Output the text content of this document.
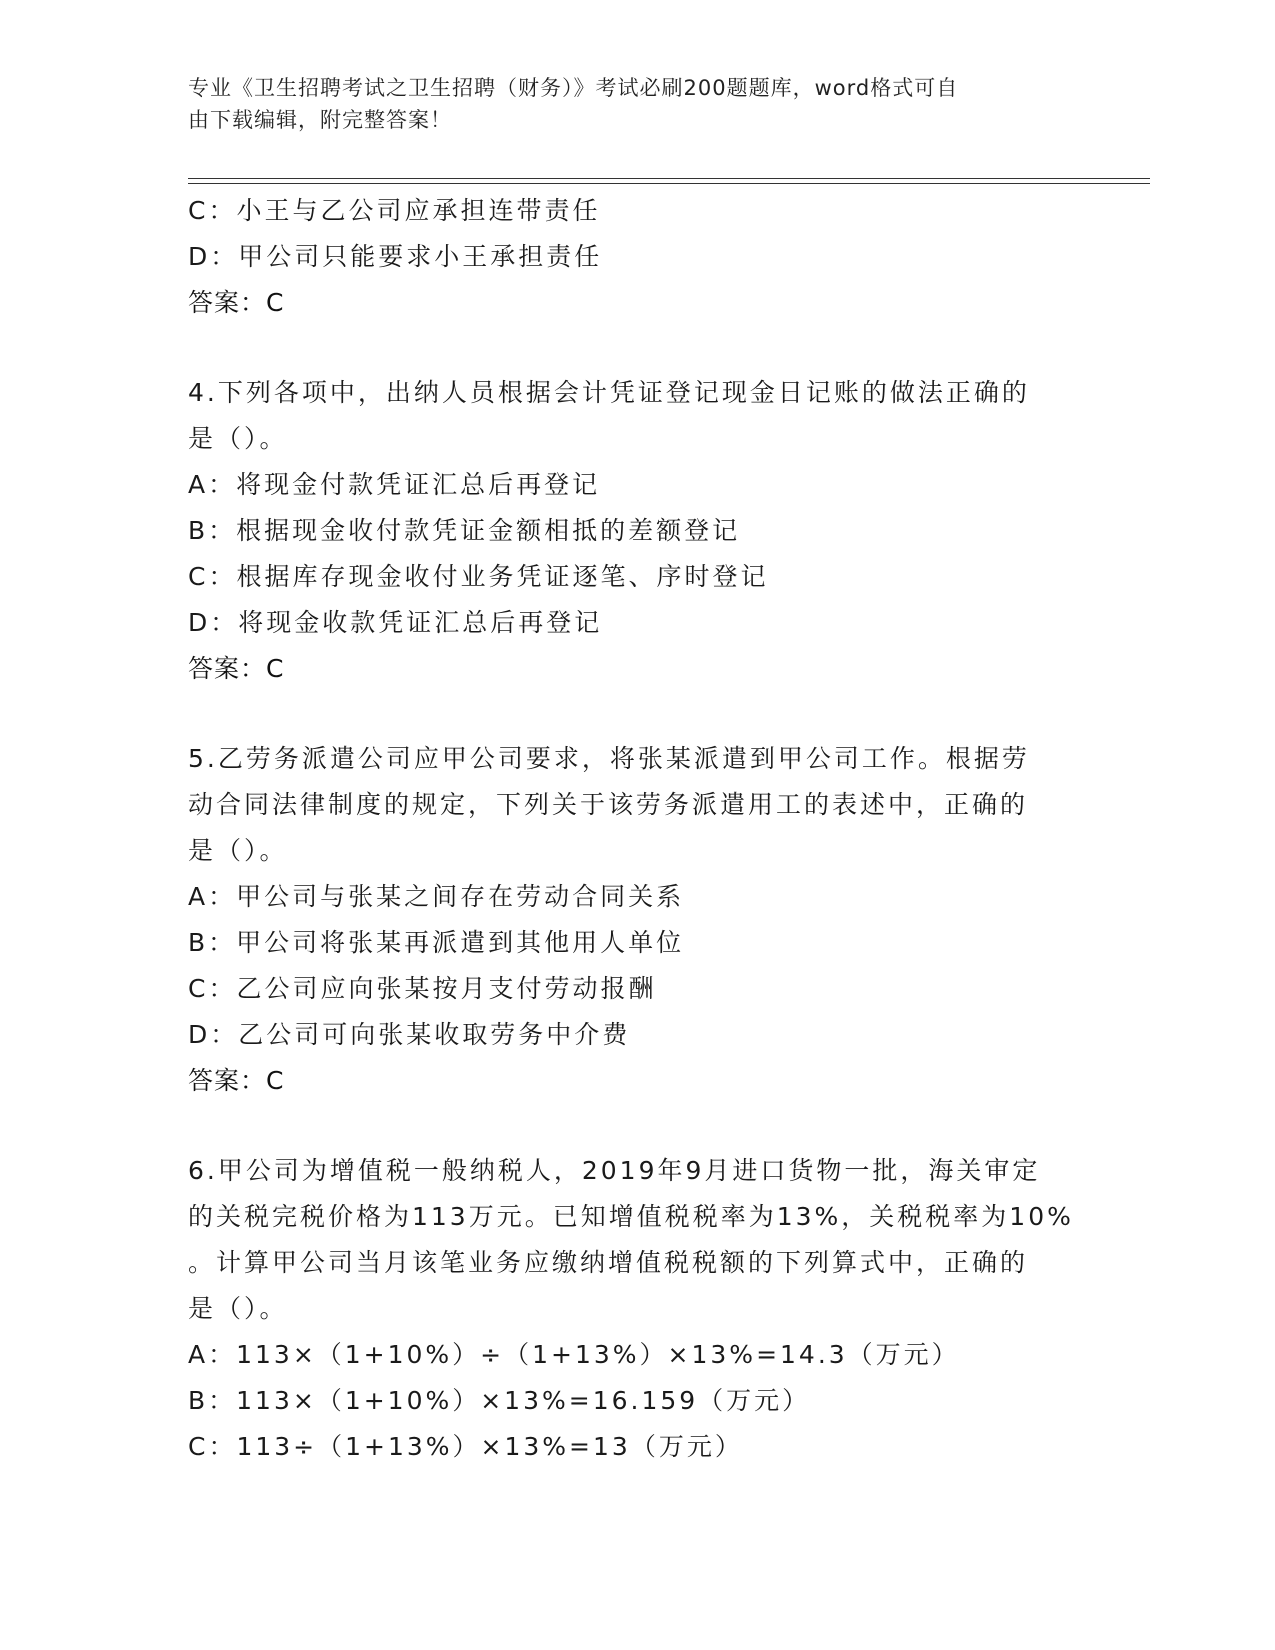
专业《卫生招聘考试之卫生招聘（财务）》考试必刷200题题库，word格式可自
由下载编辑，附完整答案！
C：小王与乙公司应承担连带责任
D：甲公司只能要求小王承担责任
答案：C
4.下列各项中，出纳人员根据会计凭证登记现金日记账的做法正确的
是（）。
A：将现金付款凭证汇总后再登记
B：根据现金收付款凭证金额相抵的差额登记
C：根据库存现金收付业务凭证逐笔、序时登记
D：将现金收款凭证汇总后再登记
答案：C
5.乙劳务派遣公司应甲公司要求，将张某派遣到甲公司工作。根据劳
动合同法律制度的规定，下列关于该劳务派遣用工的表述中，正确的
是（）。
A：甲公司与张某之间存在劳动合同关系
B：甲公司将张某再派遣到其他用人单位
C：乙公司应向张某按月支付劳动报酬
D：乙公司可向张某收取劳务中介费
答案：C
6.甲公司为增值税一般纳税人，2019年9月进口货物一批，海关审定
的关税完税价格为113万元。已知增值税税率为13%，关税税率为10%
。计算甲公司当月该笔业务应缴纳增值税税额的下列算式中，正确的
是（）。
A：113×（1+10%）÷（1+13%）×13%=14.3（万元）
B：113×（1+10%）×13%=16.159（万元）
C：113÷（1+13%）×13%=13（万元）
